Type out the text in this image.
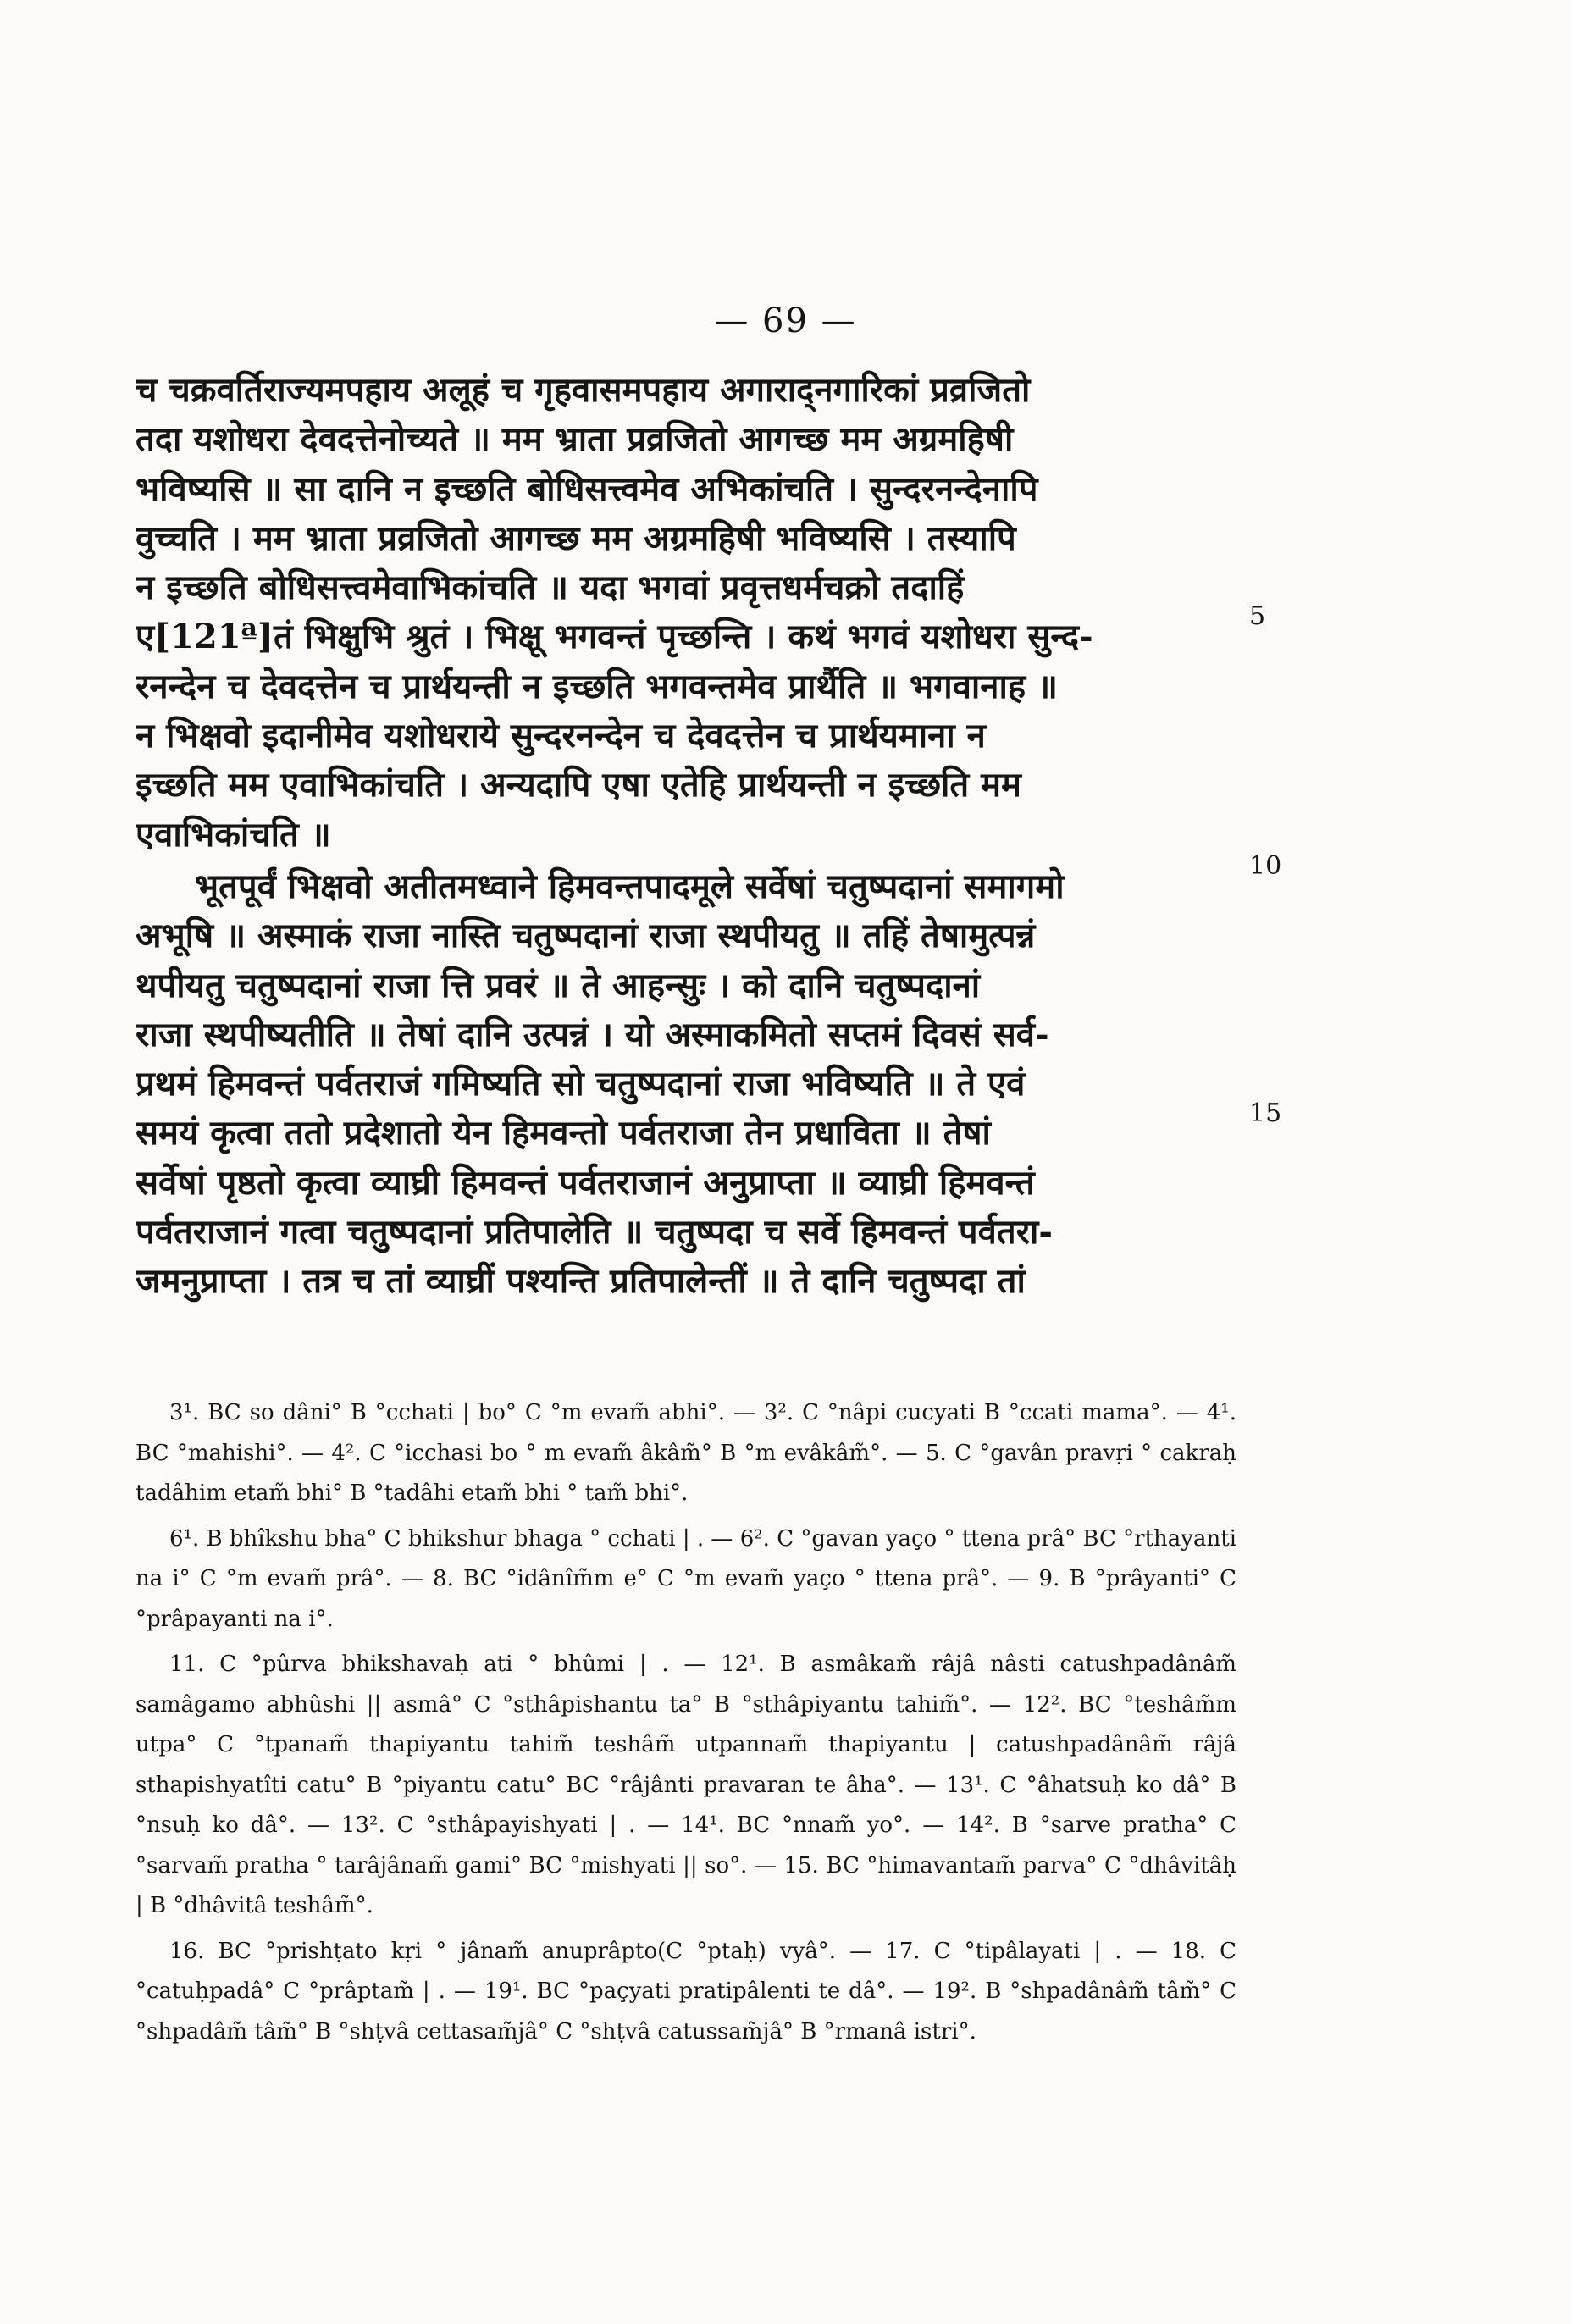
— 69 —
च चक्रवर्तिराज्यमपहाय अलूहं च गृहवासमपहाय अगाराद्नगारिकां प्रव्रजितो
तदा यशोधरा देवदत्तेनोच्यते ॥ मम भ्राता प्रव्रजितो आगच्छ मम अग्रमहिषी
भविष्यसि ॥ सा दानि न इच्छति बोधिसत्त्वमेव अभिकांचति । सुन्दरनन्देनापि
वुच्चति । मम भ्राता प्रव्रजितो आगच्छ मम अग्रमहिषी भविष्यसि । तस्यापि
न इच्छति बोधिसत्त्वमेवाभिकांचति ॥ यदा भगवां प्रवृत्तधर्मचक्रो तदाहिं
ए[121ª]तं भिक्षुभि श्रुतं । भिक्षू भगवन्तं पृच्छन्ति । कथं भगवं यशोधरा सुन्द-
रनन्देन च देवदत्तेन च प्रार्थयन्ती न इच्छति भगवन्तमेव प्रार्थैति ॥ भगवानाह ॥
न भिक्षवो इदानीमेव यशोधराये सुन्दरनन्देन च देवदत्तेन च प्रार्थयमाना न
इच्छति मम एवाभिकांचति । अन्यदापि एषा एतेहि प्रार्थयन्ती न इच्छति मम
एवाभिकांचति ॥
भूतपूर्वं भिक्षवो अतीतमध्वाने हिमवन्तपादमूले सर्वेषां चतुष्पदानां समागमो
अभूषि ॥ अस्माकं राजा नास्ति चतुष्पदानां राजा स्थपीयतु ॥ तहिं तेषामुत्पन्नं
थपीयतु चतुष्पदानां राजा त्ति प्रवरं ॥ ते आहन्सुः । को दानि चतुष्पदानां
राजा स्थपीष्यतीति ॥ तेषां दानि उत्पन्नं । यो अस्माकमितो सप्तमं दिवसं सर्व-
प्रथमं हिमवन्तं पर्वतराजं गमिष्यति सो चतुष्पदानां राजा भविष्यति ॥ ते एवं
समयं कृत्वा ततो प्रदेशातो येन हिमवन्तो पर्वतराजा तेन प्रधाविता ॥ तेषां
सर्वेषां पृष्ठतो कृत्वा व्याघ्री हिमवन्तं पर्वतराजानं अनुप्राप्ता ॥ व्याघ्री हिमवन्तं
पर्वतराजानं गत्वा चतुष्पदानां प्रतिपालेति ॥ चतुष्पदा च सर्वे हिमवन्तं पर्वतरा-
जमनुप्राप्ता । तत्र च तां व्याघ्रीं पश्यन्ति प्रतिपालेन्तीं ॥ ते दानि चतुष्पदा तां
5
10
15

3¹. BC so dâni° B °cchati | bo° C °m evam̃ abhi°. — 3². C °nâpi cucyati B °ccati mama°. — 4¹. BC °mahishi°. — 4². C °icchasi bo ° m evam̃ âkâm̃° B °m evâkâm̃°. — 5. C °gavân pravṛi ° cakraḥ tadâhim etam̃ bhi° B °tadâhi etam̃ bhi ° tam̃ bhi°.

6¹. B bhîkshu bha° C bhikshur bhaga ° cchati | . — 6². C °gavan yaço ° ttena prâ° BC °rthayanti na i° C °m evam̃ prâ°. — 8. BC °idânîm̃m e° C °m evam̃ yaço ° ttena prâ°. — 9. B °prâyanti° C °prâpayanti na i°.

11. C °pûrva bhikshavaḥ ati ° bhûmi | . — 12¹. B asmâkam̃ râjâ nâsti catushpadânâm̃ samâgamo abhûshi || asmâ° C °sthâpishantu ta° B °sthâpiyantu tahim̃°. — 12². BC °teshâm̃m utpa° C °tpanam̃ thapiyantu tahim̃ teshâm̃ utpannam̃ thapiyantu | catushpadânâm̃ râjâ sthapishyatîti catu° B °piyantu catu° BC °râjânti pravaran te âha°. — 13¹. C °âhatsuḥ ko dâ° B °nsuḥ ko dâ°. — 13². C °sthâpayishyati | . — 14¹. BC °nnam̃ yo°. — 14². B °sarve pratha° C °sarvam̃ pratha ° tarâjânam̃ gami° BC °mishyati || so°. — 15. BC °himavantam̃ parva° C °dhâvitâḥ | B °dhâvitâ teshâm̃°.

16. BC °prishṭato kṛi ° jânam̃ anuprâpto(C °ptaḥ) vyâ°. — 17. C °tipâlayati | . — 18. C °catuḥpadâ° C °prâptam̃ | . — 19¹. BC °paçyati pratipâlenti te dâ°. — 19². B °shpadânâm̃ tâm̃° C °shpadâm̃ tâm̃° B °shṭvâ cettasam̃jâ° C °shṭvâ catussam̃jâ° B °rmanâ istri°.
